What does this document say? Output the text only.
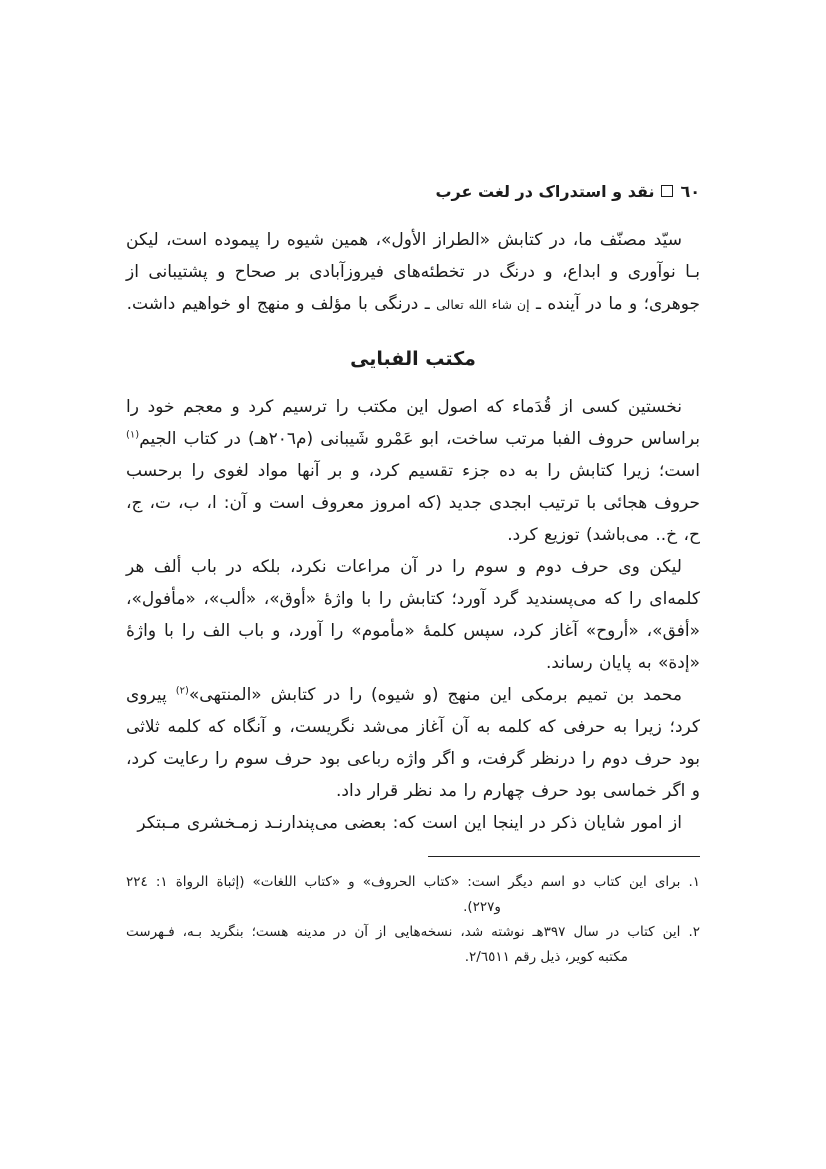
٦٠نقد و استدراک در لغت عرب

سیّد مصنّف ما، در کتابش «الطراز الأول»، همین شیوه را پیموده است، لیکن بـا نوآوری و ابداع، و درنگ در تخطئه‌های فیروزآبادی بر صحاح و پشتیبانی از جوهری؛ و ما در آینده ـ إن شاء الله تعالی ـ درنگی با مؤلف و منهج او خواهیم داشت.

مکتب الفبایی

نخستین کسی از قُدَماء که اصول این مکتب را ترسیم کرد و معجم خود را براساس حروف الفبا مرتب ساخت، ابو عَمْرو شَیبانی (م٢٠٦هـ) در کتاب الجیم$^{(١)}$ است؛ زیرا کتابش را به ده جزء تقسیم کرد، و بر آنها مواد لغوی را برحسب حروف هجائی با ترتیب ابجدی جدید (که امروز معروف است و آن: ا، ب، ت، ج، ح، خ.. می‌باشد) توزیع کرد.

لیکن وی حرف دوم و سوم را در آن مراعات نکرد، بلکه در باب ألف هر کلمه‌ای را که می‌پسندید گرد آورد؛ کتابش را با واژهٔ «أوق»، «ألب»، «مأفول»، «أفق»، «أروح» آغاز کرد، سپس کلمهٔ «مأموم» را آورد، و باب الف را با واژهٔ «إدة» به پایان رساند.

محمد بن تمیم برمکی این منهج (و شیوه) را در کتابش «المنتهی»$^{(٢)}$ پیروی کرد؛ زیرا به حرفی که کلمه به آن آغاز می‌شد نگریست، و آنگاه که کلمه ثلاثی بود حرف دوم را درنظر گرفت، و اگر واژه رباعی بود حرف سوم را رعایت کرد، و اگر خماسی بود حرف چهارم را مد نظر قرار داد.

از امور شایان ذکر در اینجا این است که: بعضی می‌پندارنـد زمـخشری مـبتکر

١. برای این کتاب دو اسم دیگر است: «کتاب الحروف» و «کتاب اللغات» (إثباة الرواة ١: ٢٢٤
و٢٢٧).
٢. این کتاب در سال ٣٩٧هـ نوشته شد، نسخه‌هایی از آن در مدینه هست؛ بنگرید بـه، فـهرست
مکتبه کویر، ذیل رقم ٢/٦٥١١.
